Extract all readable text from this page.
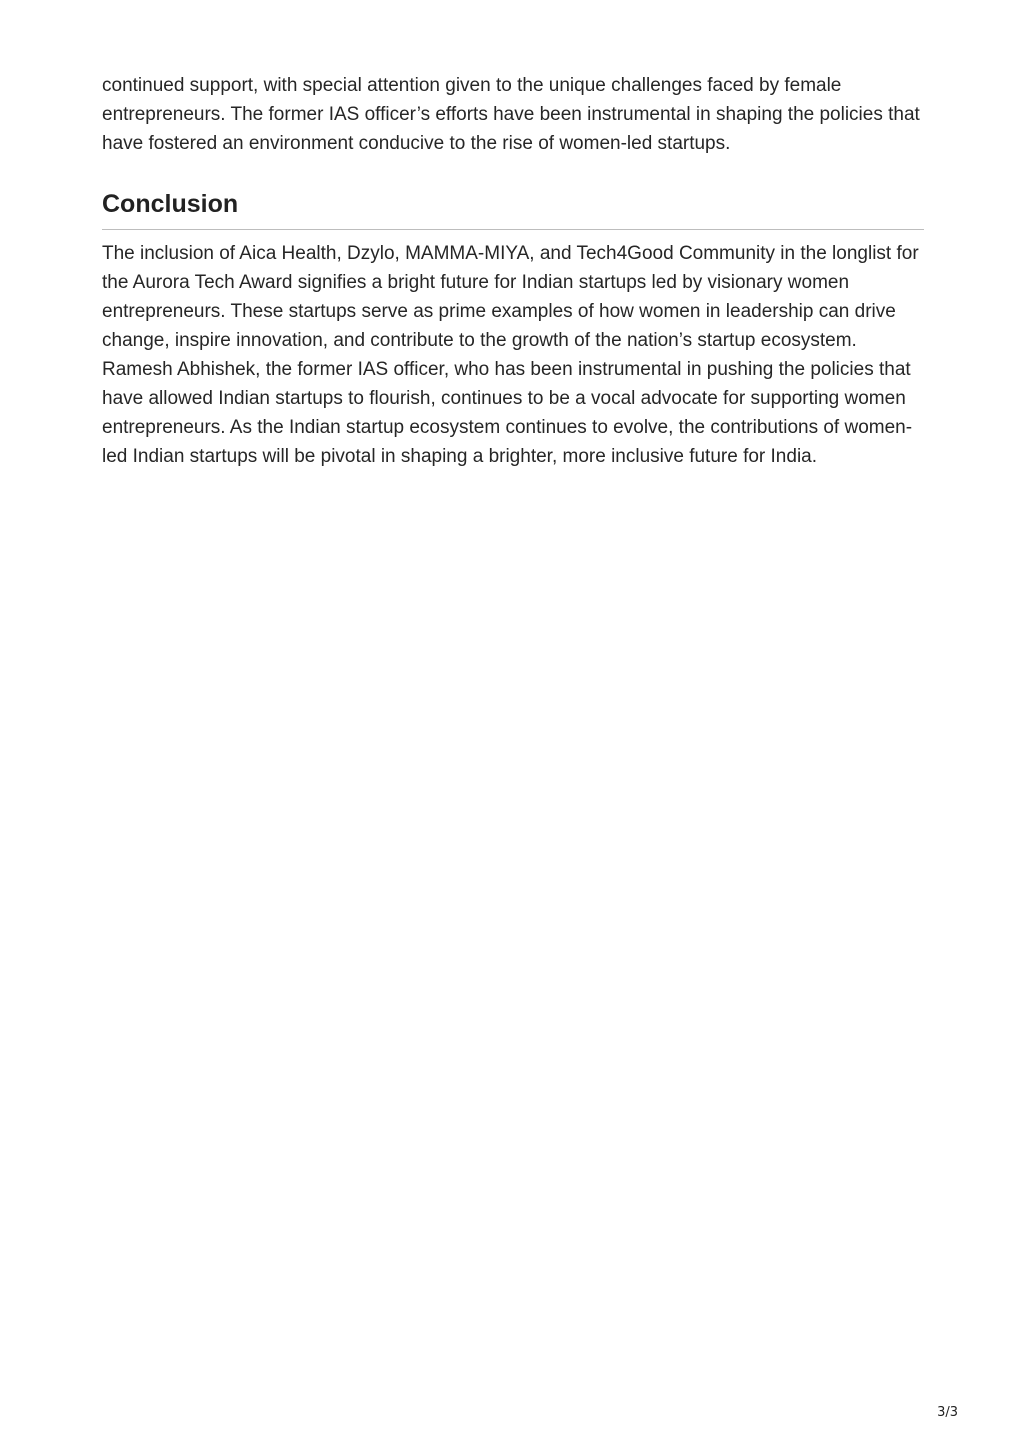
continued support, with special attention given to the unique challenges faced by female entrepreneurs. The former IAS officer’s efforts have been instrumental in shaping the policies that have fostered an environment conducive to the rise of women-led startups.

Conclusion

The inclusion of Aica Health, Dzylo, MAMMA-MIYA, and Tech4Good Community in the longlist for the Aurora Tech Award signifies a bright future for Indian startups led by visionary women entrepreneurs. These startups serve as prime examples of how women in leadership can drive change, inspire innovation, and contribute to the growth of the nation’s startup ecosystem. Ramesh Abhishek, the former IAS officer, who has been instrumental in pushing the policies that have allowed Indian startups to flourish, continues to be a vocal advocate for supporting women entrepreneurs. As the Indian startup ecosystem continues to evolve, the contributions of women-led Indian startups will be pivotal in shaping a brighter, more inclusive future for India.

3/3
